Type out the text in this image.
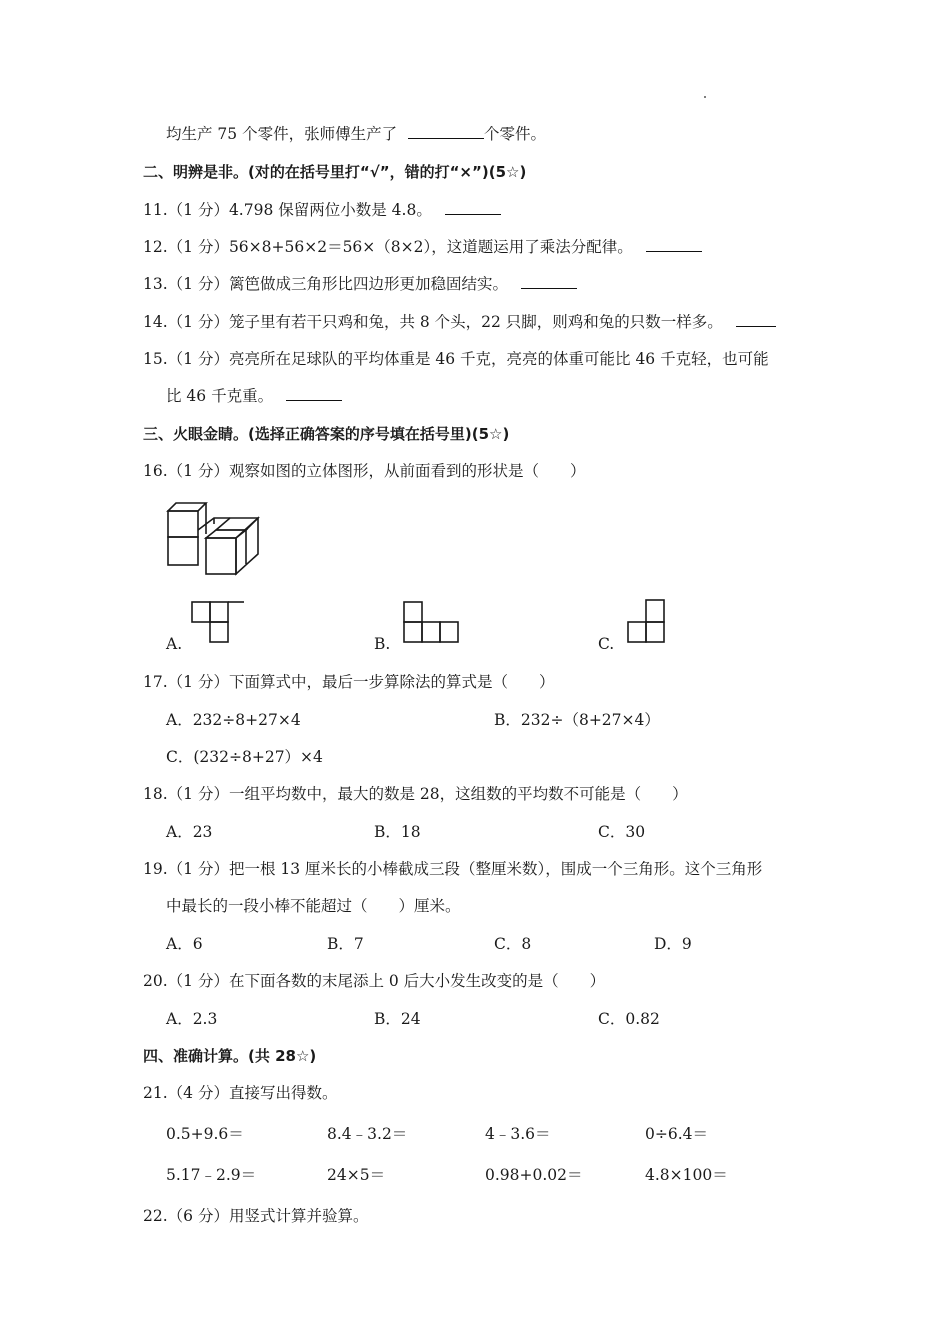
均生产 75 个零件，张师傅生产了	个零件。
二、明辨是非。(对的在括号里打“√”，错的打“×”)(5☆)
11.（1 分）4.798 保留两位小数是 4.8。
12.（1 分）56×8+56×2＝56×（8×2），这道题运用了乘法分配律。
13.（1 分）篱笆做成三角形比四边形更加稳固结实。
14.（1 分）笼子里有若干只鸡和兔，共 8 个头，22 只脚，则鸡和兔的只数一样多。
15.（1 分）亮亮所在足球队的平均体重是 46 千克，亮亮的体重可能比 46 千克轻，也可能
比 46 千克重。
三、火眼金睛。(选择正确答案的序号填在括号里)(5☆)
16.（1 分）观察如图的立体图形，从前面看到的形状是（　　）
A.	B.	C.
17.（1 分）下面算式中，最后一步算除法的算式是（　　）
A．232÷8+27×4	B．232÷（8+27×4）
C．(232÷8+27）×4
18.（1 分）一组平均数中，最大的数是 28，这组数的平均数不可能是（　　）
A．23	B．18	C．30
19.（1 分）把一根 13 厘米长的小棒截成三段（整厘米数），围成一个三角形。这个三角形
中最长的一段小棒不能超过（　　）厘米。
A．6	B．7	C．8	D．9
20.（1 分）在下面各数的末尾添上 0 后大小发生改变的是（　　）
A．2.3	B．24	C．0.82
四、准确计算。(共 28☆)
21.（4 分）直接写出得数。
0.5+9.6＝	8.4﹣3.2＝	4﹣3.6＝	0÷6.4＝
5.17﹣2.9＝	24×5＝	0.98+0.02＝	4.8×100＝
22.（6 分）用竖式计算并验算。
